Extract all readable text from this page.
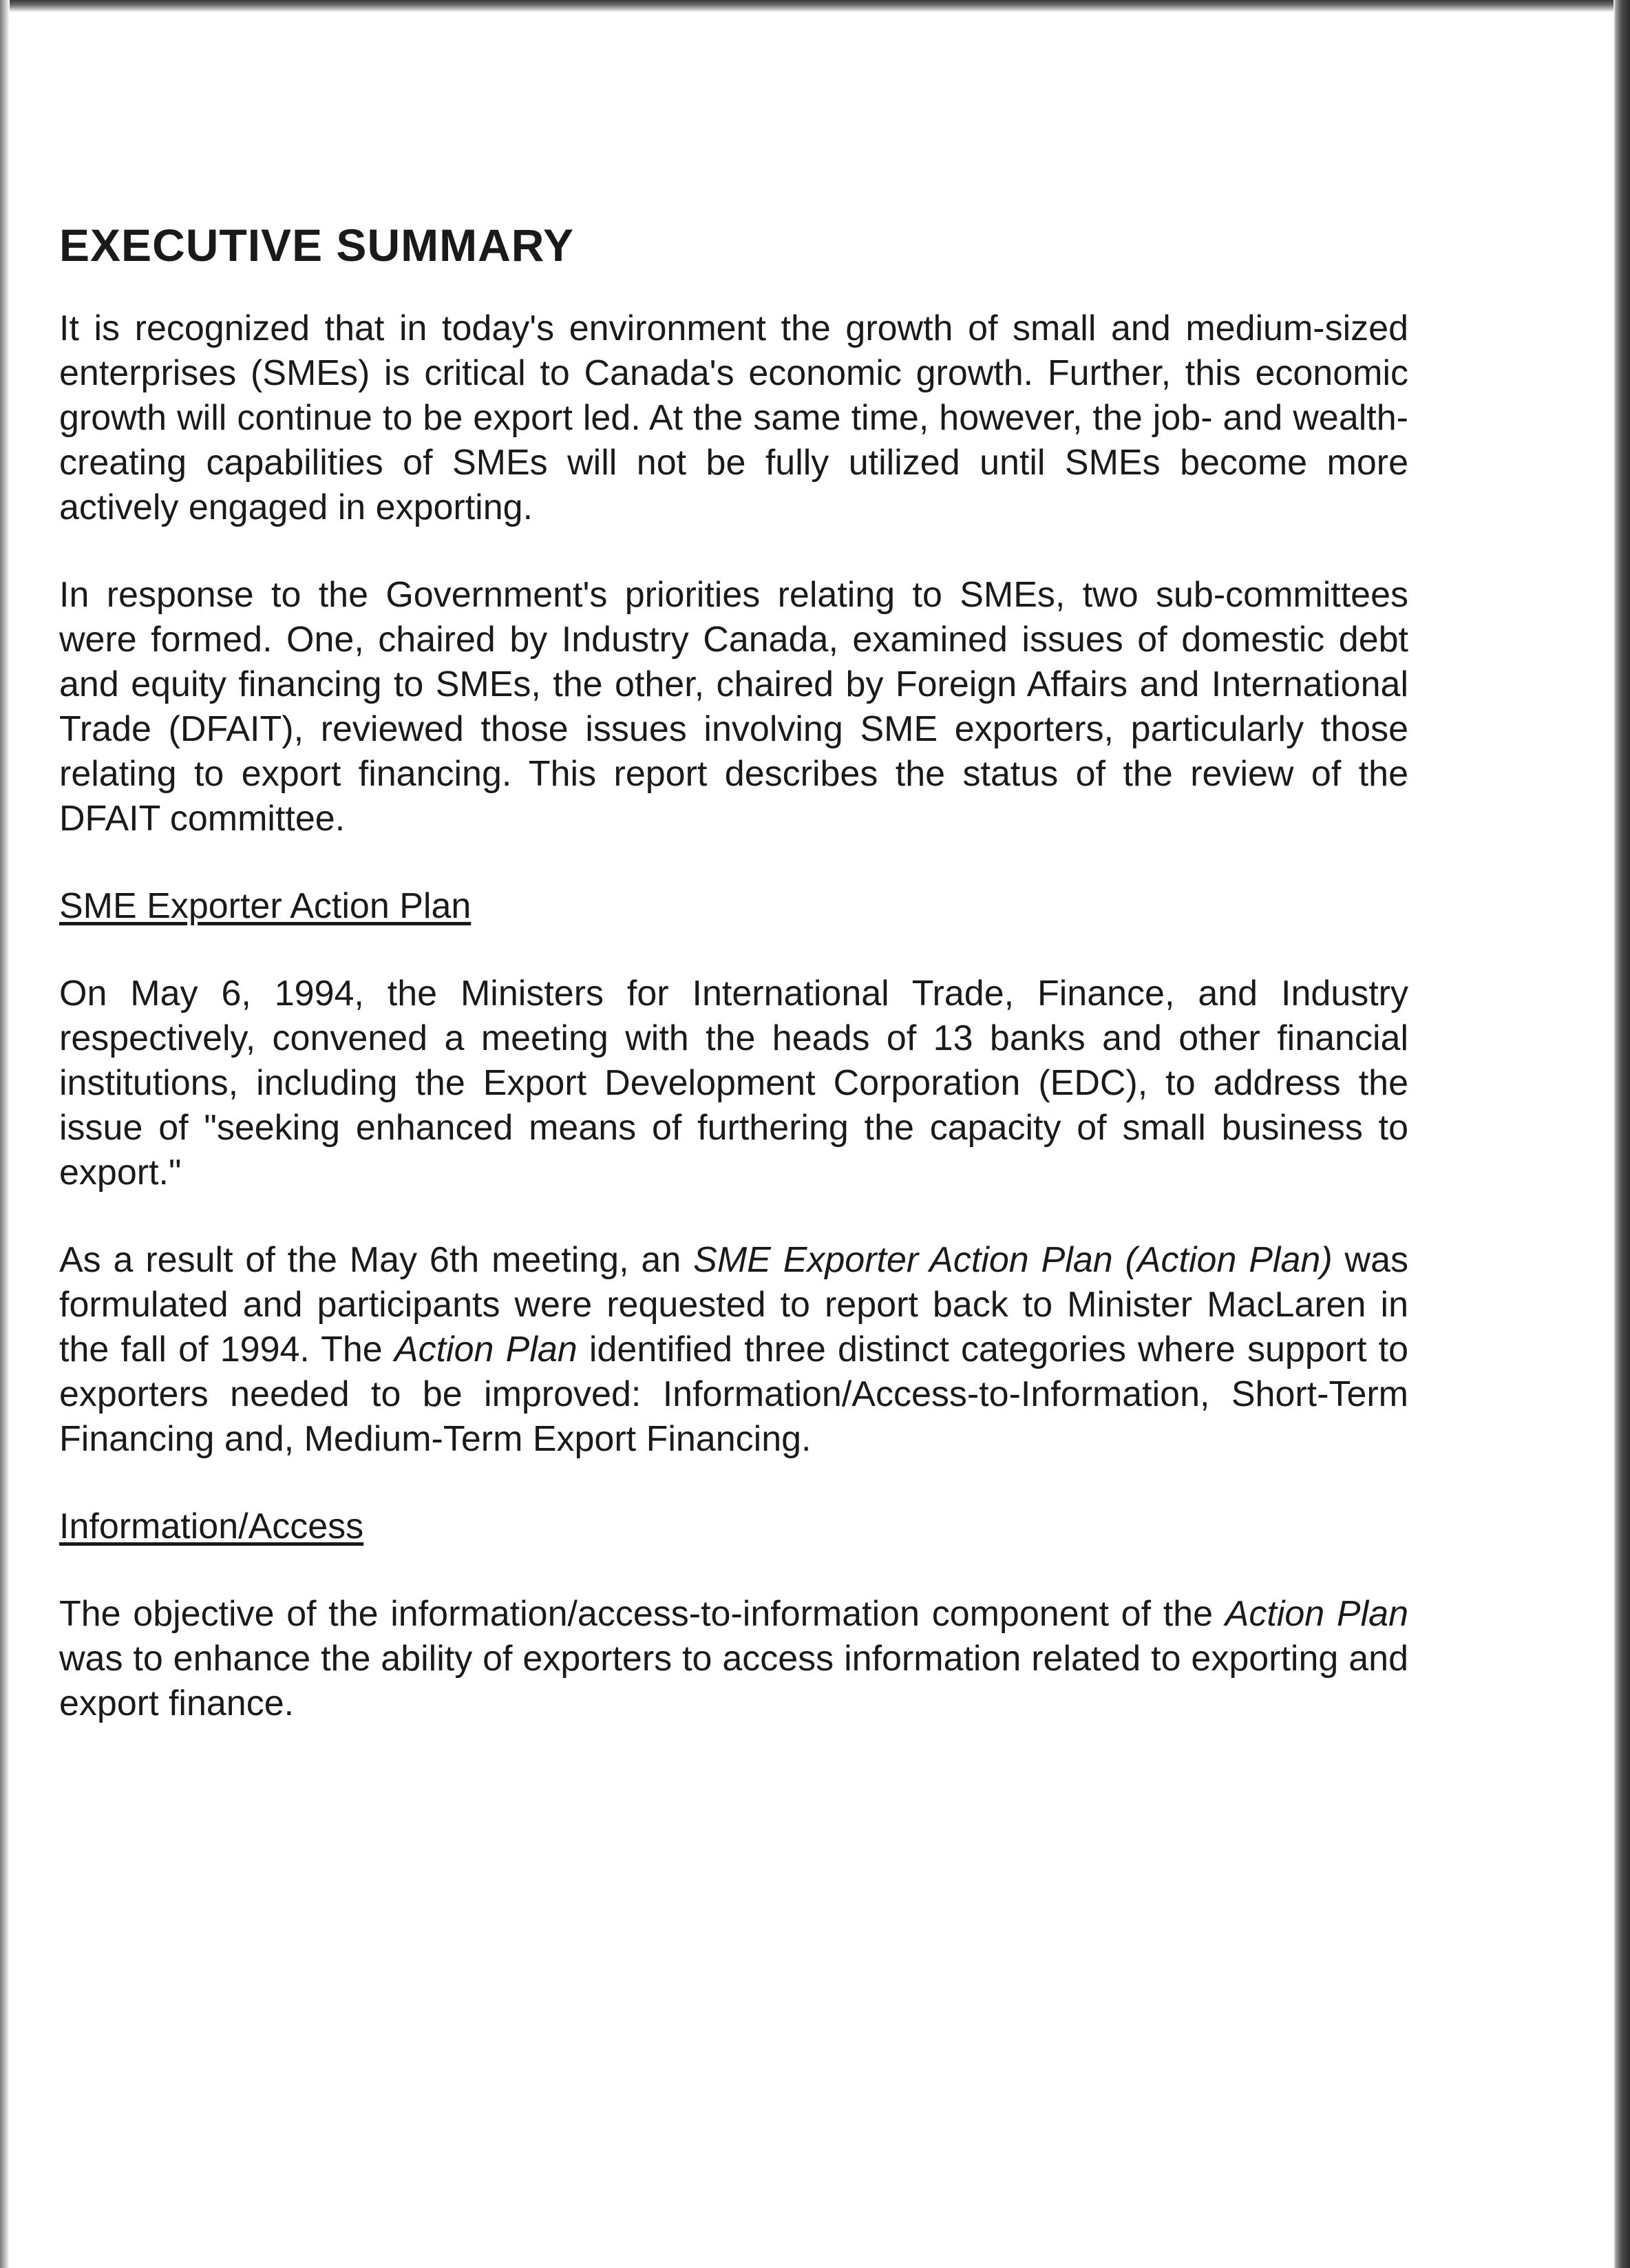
EXECUTIVE SUMMARY

It is recognized that in today's environment the growth of small and medium-sized enterprises (SMEs) is critical to Canada's economic growth. Further, this economic growth will continue to be export led. At the same time, however, the job- and wealth-creating capabilities of SMEs will not be fully utilized until SMEs become more actively engaged in exporting.

In response to the Government's priorities relating to SMEs, two sub-committees were formed. One, chaired by Industry Canada, examined issues of domestic debt and equity financing to SMEs, the other, chaired by Foreign Affairs and International Trade (DFAIT), reviewed those issues involving SME exporters, particularly those relating to export financing. This report describes the status of the review of the DFAIT committee.

SME Exporter Action Plan

On May 6, 1994, the Ministers for International Trade, Finance, and Industry respectively, convened a meeting with the heads of 13 banks and other financial institutions, including the Export Development Corporation (EDC), to address the issue of "seeking enhanced means of furthering the capacity of small business to export."

As a result of the May 6th meeting, an SME Exporter Action Plan (Action Plan) was formulated and participants were requested to report back to Minister MacLaren in the fall of 1994. The Action Plan identified three distinct categories where support to exporters needed to be improved: Information/Access-to-Information, Short-Term Financing and, Medium-Term Export Financing.

Information/Access

The objective of the information/access-to-information component of the Action Plan was to enhance the ability of exporters to access information related to exporting and export finance.
